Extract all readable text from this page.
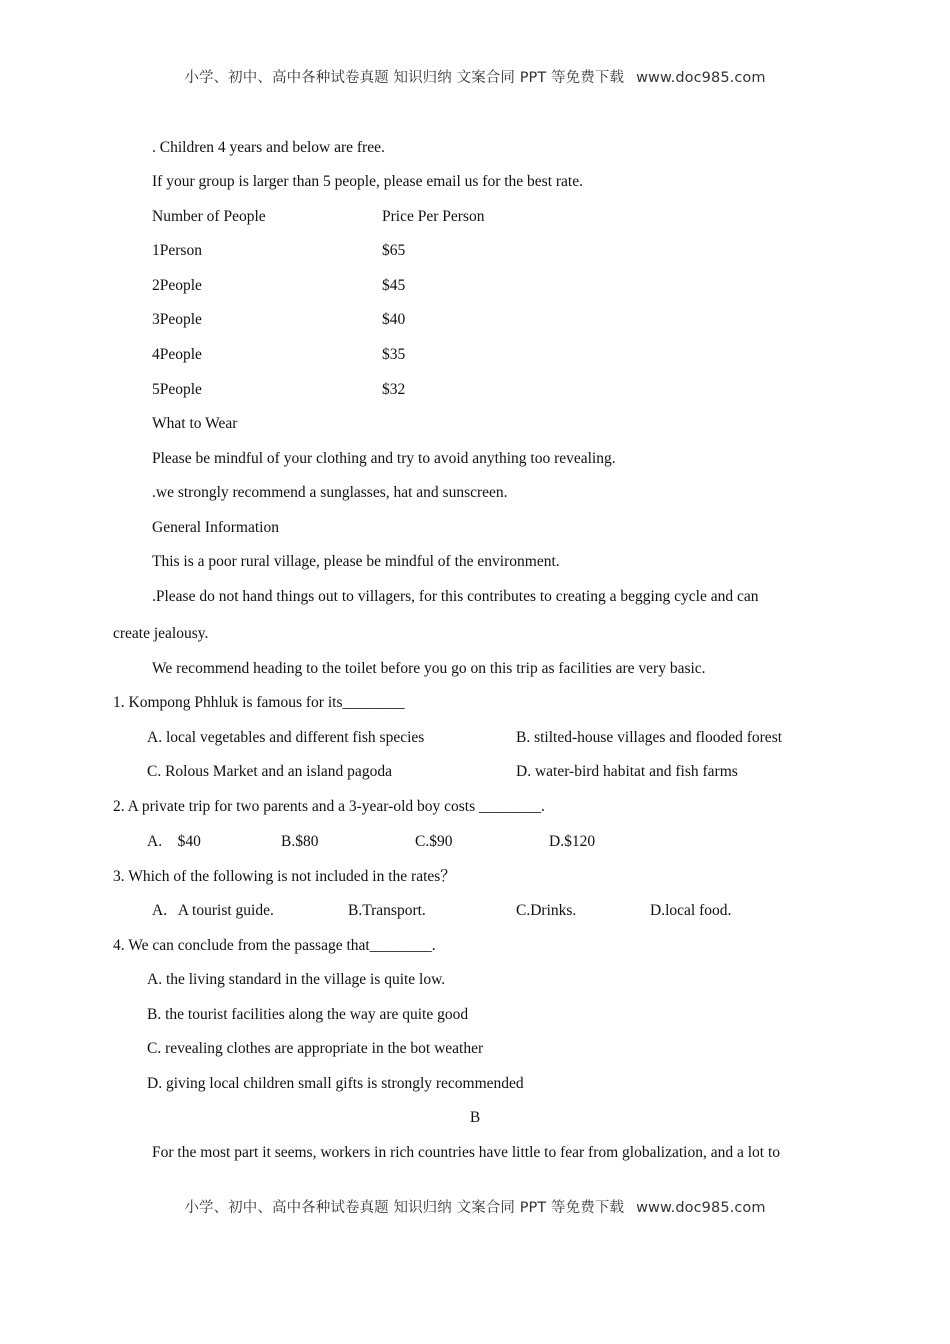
小学、初中、高中各种试卷真题 知识归纳 文案合同 PPT 等免费下载 www.doc985.com
. Children 4 years and below are free.
If your group is larger than 5 people, please email us for the best rate.
Number of People	Price Per Person
1Person	$65
2People	$45
3People	$40
4People	$35
5People	$32
What to Wear
Please be mindful of your clothing and try to avoid anything too revealing.
.we strongly recommend a sunglasses, hat and sunscreen.
General Information
This is a poor rural village, please be mindful of the environment.
.Please do not hand things out to villagers, for this contributes to creating a begging cycle and can
create jealousy.
We recommend heading to the toilet before you go on this trip as facilities are very basic.
1. Kompong Phhluk is famous for its________
A. local vegetables and different fish species	B. stilted-house villages and flooded forest
C. Rolous Market and an island pagoda	D. water-bird habitat and fish farms
2. A private trip for two parents and a 3-year-old boy costs ________.
A.    $40	B.$80	C.$90	D.$120
3. Which of the following is not included in the rates？
A.   A tourist guide.	B.Transport.	C.Drinks.	D.local food.
4. We can conclude from the passage that________.
A. the living standard in the village is quite low.
B. the tourist facilities along the way are quite good
C. revealing clothes are appropriate in the bot weather
D. giving local children small gifts is strongly recommended
B
For the most part it seems, workers in rich countries have little to fear from globalization, and a lot to
小学、初中、高中各种试卷真题 知识归纳 文案合同 PPT 等免费下载 www.doc985.com
